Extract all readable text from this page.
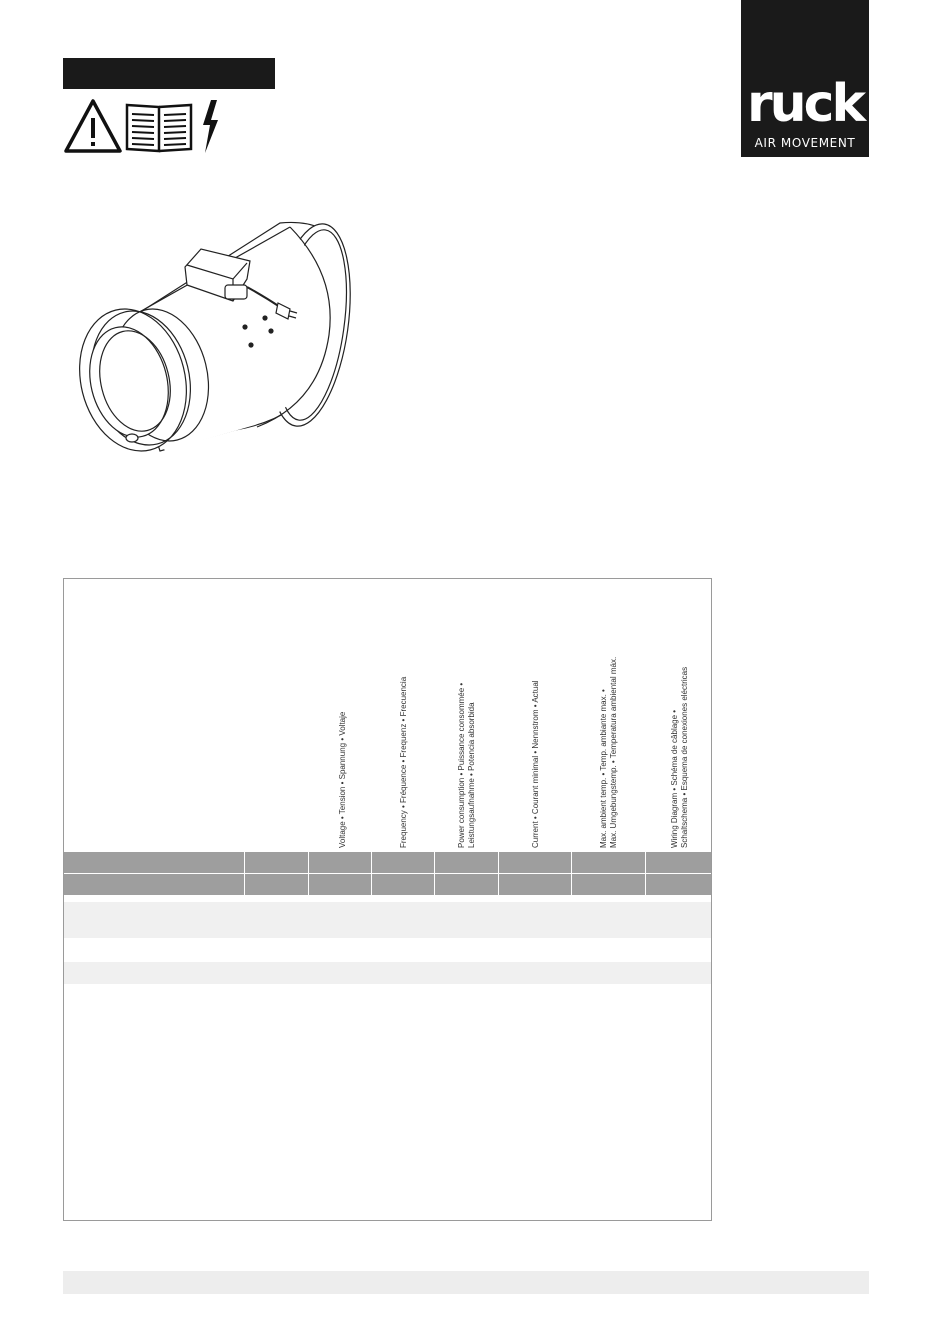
ruck
AIR MOVEMENT
Voltage • Tension • Spannung • Voltaje	Frequency • Fréquence • Frequenz • Frecuencia	Power consumption • Puissance consommée • Leistungsaufnahme • Potencia absorbida	Current • Courant minimal • Nennstrom • Actual	Max. ambient temp. • Temp. ambiante max. • Max. Umgebungstemp. • Temperatura ambiental máx.	Wiring Diagram • Schéma de câblage • Schaltschema • Esquema de conexiones eléctricas
